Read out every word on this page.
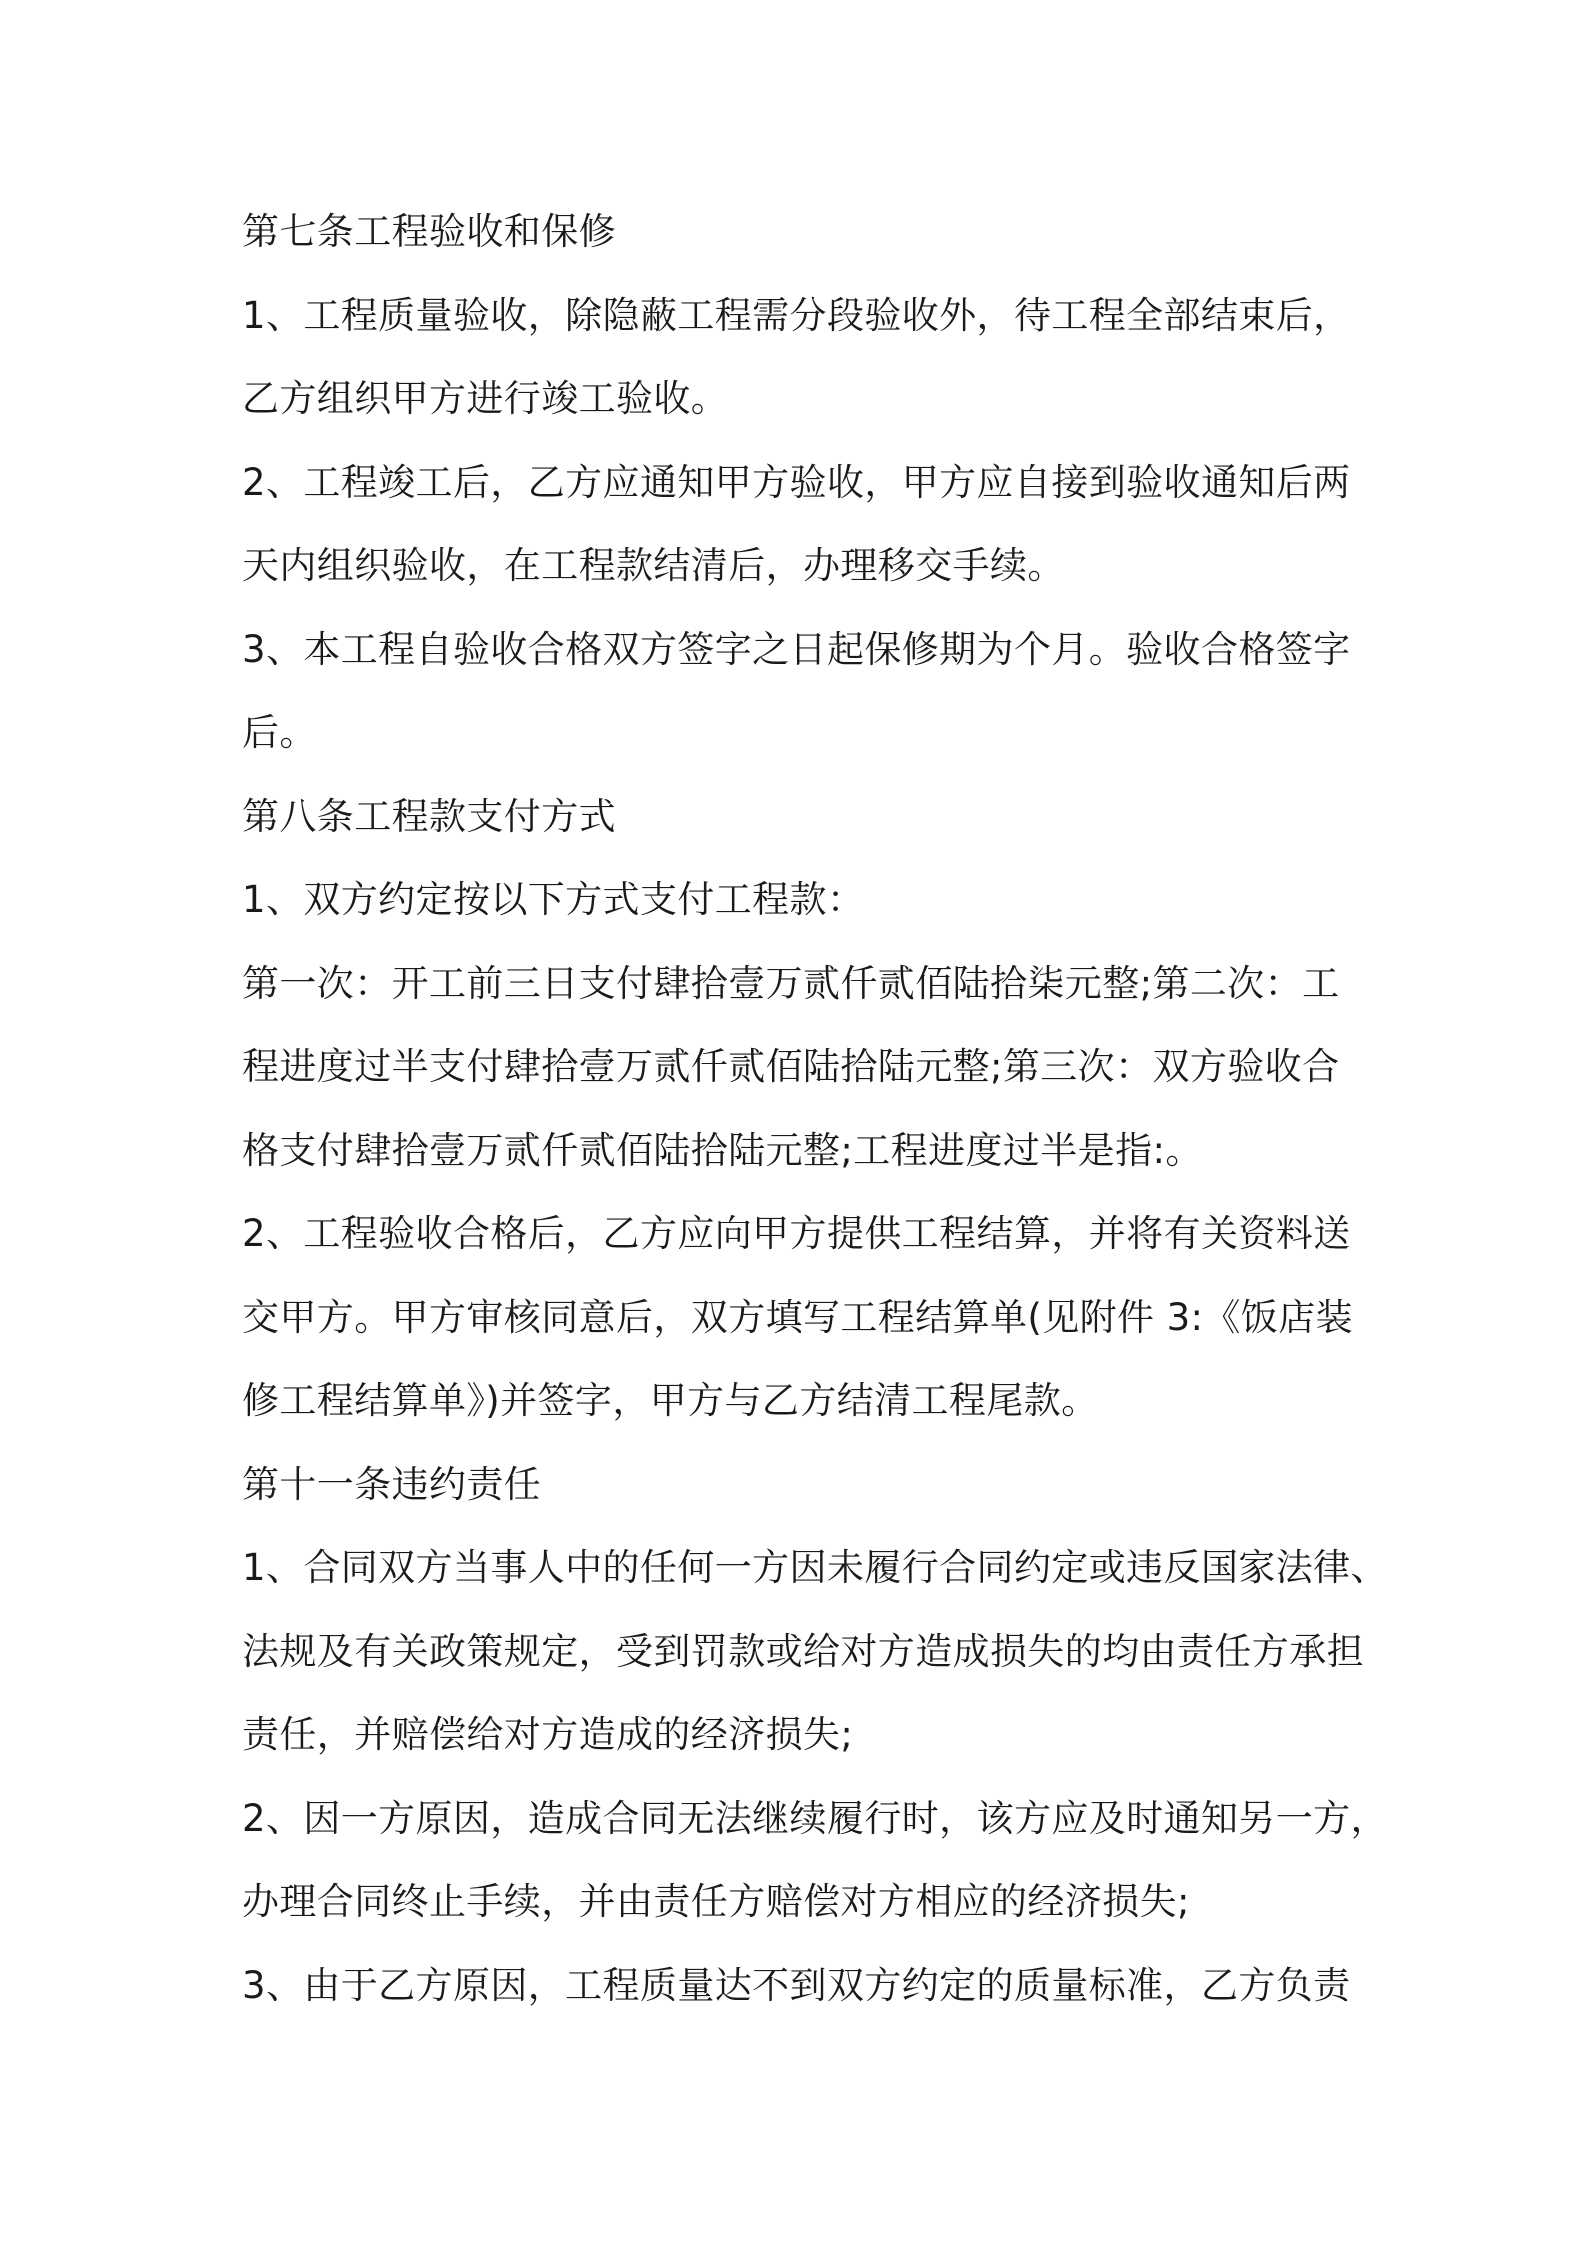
第七条工程验收和保修
1、工程质量验收，除隐蔽工程需分段验收外，待工程全部结束后，
乙方组织甲方进行竣工验收。
2、工程竣工后，乙方应通知甲方验收，甲方应自接到验收通知后两
天内组织验收，在工程款结清后，办理移交手续。
3、本工程自验收合格双方签字之日起保修期为个月。验收合格签字
后。
第八条工程款支付方式
1、双方约定按以下方式支付工程款：
第一次：开工前三日支付肆拾壹万贰仟贰佰陆拾柒元整;第二次：工
程进度过半支付肆拾壹万贰仟贰佰陆拾陆元整;第三次：双方验收合
格支付肆拾壹万贰仟贰佰陆拾陆元整;工程进度过半是指:。
2、工程验收合格后，乙方应向甲方提供工程结算，并将有关资料送
交甲方。甲方审核同意后，双方填写工程结算单(见附件 3:《饭店装
修工程结算单》)并签字，甲方与乙方结清工程尾款。
第十一条违约责任
1、合同双方当事人中的任何一方因未履行合同约定或违反国家法律、
法规及有关政策规定，受到罚款或给对方造成损失的均由责任方承担
责任，并赔偿给对方造成的经济损失;
2、因一方原因，造成合同无法继续履行时，该方应及时通知另一方，
办理合同终止手续，并由责任方赔偿对方相应的经济损失;
3、由于乙方原因，工程质量达不到双方约定的质量标准，乙方负责
